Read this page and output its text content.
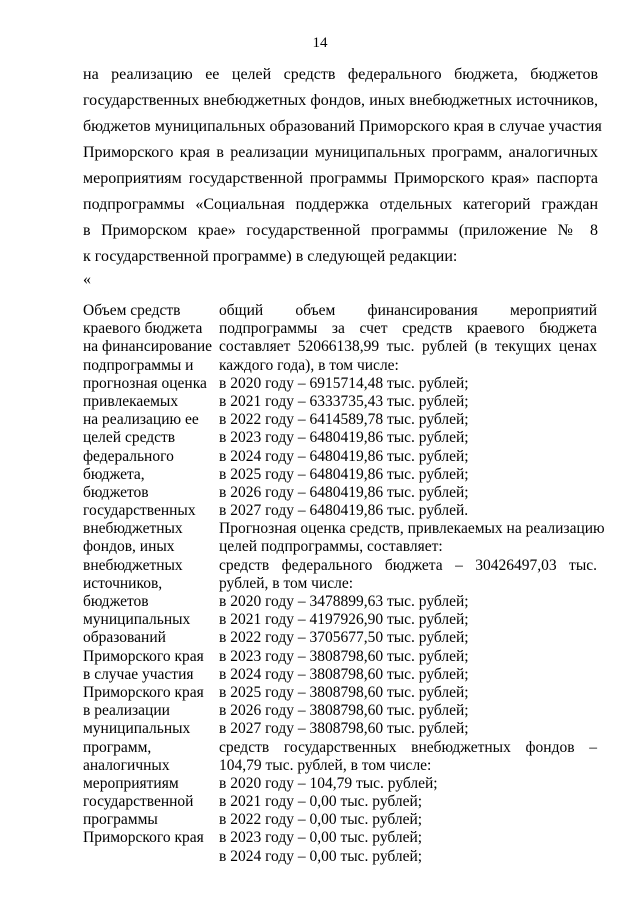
14
на реализацию ее целей средств федерального бюджета, бюджетов
государственных внебюджетных фондов, иных внебюджетных источников,
бюджетов муниципальных образований Приморского края в случае участия
Приморского края в реализации муниципальных программ, аналогичных
мероприятиям государственной программы Приморского края» паспорта
подпрограммы «Социальная поддержка отдельных категорий граждан
в Приморском крае» государственной программы (приложение № 8
к государственной программе) в следующей редакции:
«
Объем средств
краевого бюджета
на финансирование
подпрограммы и
прогнозная оценка
привлекаемых
на реализацию ее
целей средств
федерального
бюджета,
бюджетов
государственных
внебюджетных
фондов, иных
внебюджетных
источников,
бюджетов
муниципальных
образований
Приморского края
в случае участия
Приморского края
в реализации
муниципальных
программ,
аналогичных
мероприятиям
государственной
программы
Приморского края
общий объем финансирования мероприятий
подпрограммы за счет средств краевого бюджета
составляет 52066138,99 тыс. рублей (в текущих ценах
каждого года), в том числе:
в 2020 году – 6915714,48 тыс. рублей;
в 2021 году – 6333735,43 тыс. рублей;
в 2022 году – 6414589,78 тыс. рублей;
в 2023 году – 6480419,86 тыс. рублей;
в 2024 году – 6480419,86 тыс. рублей;
в 2025 году – 6480419,86 тыс. рублей;
в 2026 году – 6480419,86 тыс. рублей;
в 2027 году – 6480419,86 тыс. рублей.
Прогнозная оценка средств, привлекаемых на реализацию
целей подпрограммы, составляет:
средств федерального бюджета – 30426497,03 тыс.
рублей, в том числе:
в 2020 году – 3478899,63 тыс. рублей;
в 2021 году – 4197926,90 тыс. рублей;
в 2022 году – 3705677,50 тыс. рублей;
в 2023 году – 3808798,60 тыс. рублей;
в 2024 году – 3808798,60 тыс. рублей;
в 2025 году – 3808798,60 тыс. рублей;
в 2026 году – 3808798,60 тыс. рублей;
в 2027 году – 3808798,60 тыс. рублей;
средств государственных внебюджетных фондов –
104,79 тыс. рублей, в том числе:
в 2020 году – 104,79 тыс. рублей;
в 2021 году – 0,00 тыс. рублей;
в 2022 году – 0,00 тыс. рублей;
в 2023 году – 0,00 тыс. рублей;
в 2024 году – 0,00 тыс. рублей;
